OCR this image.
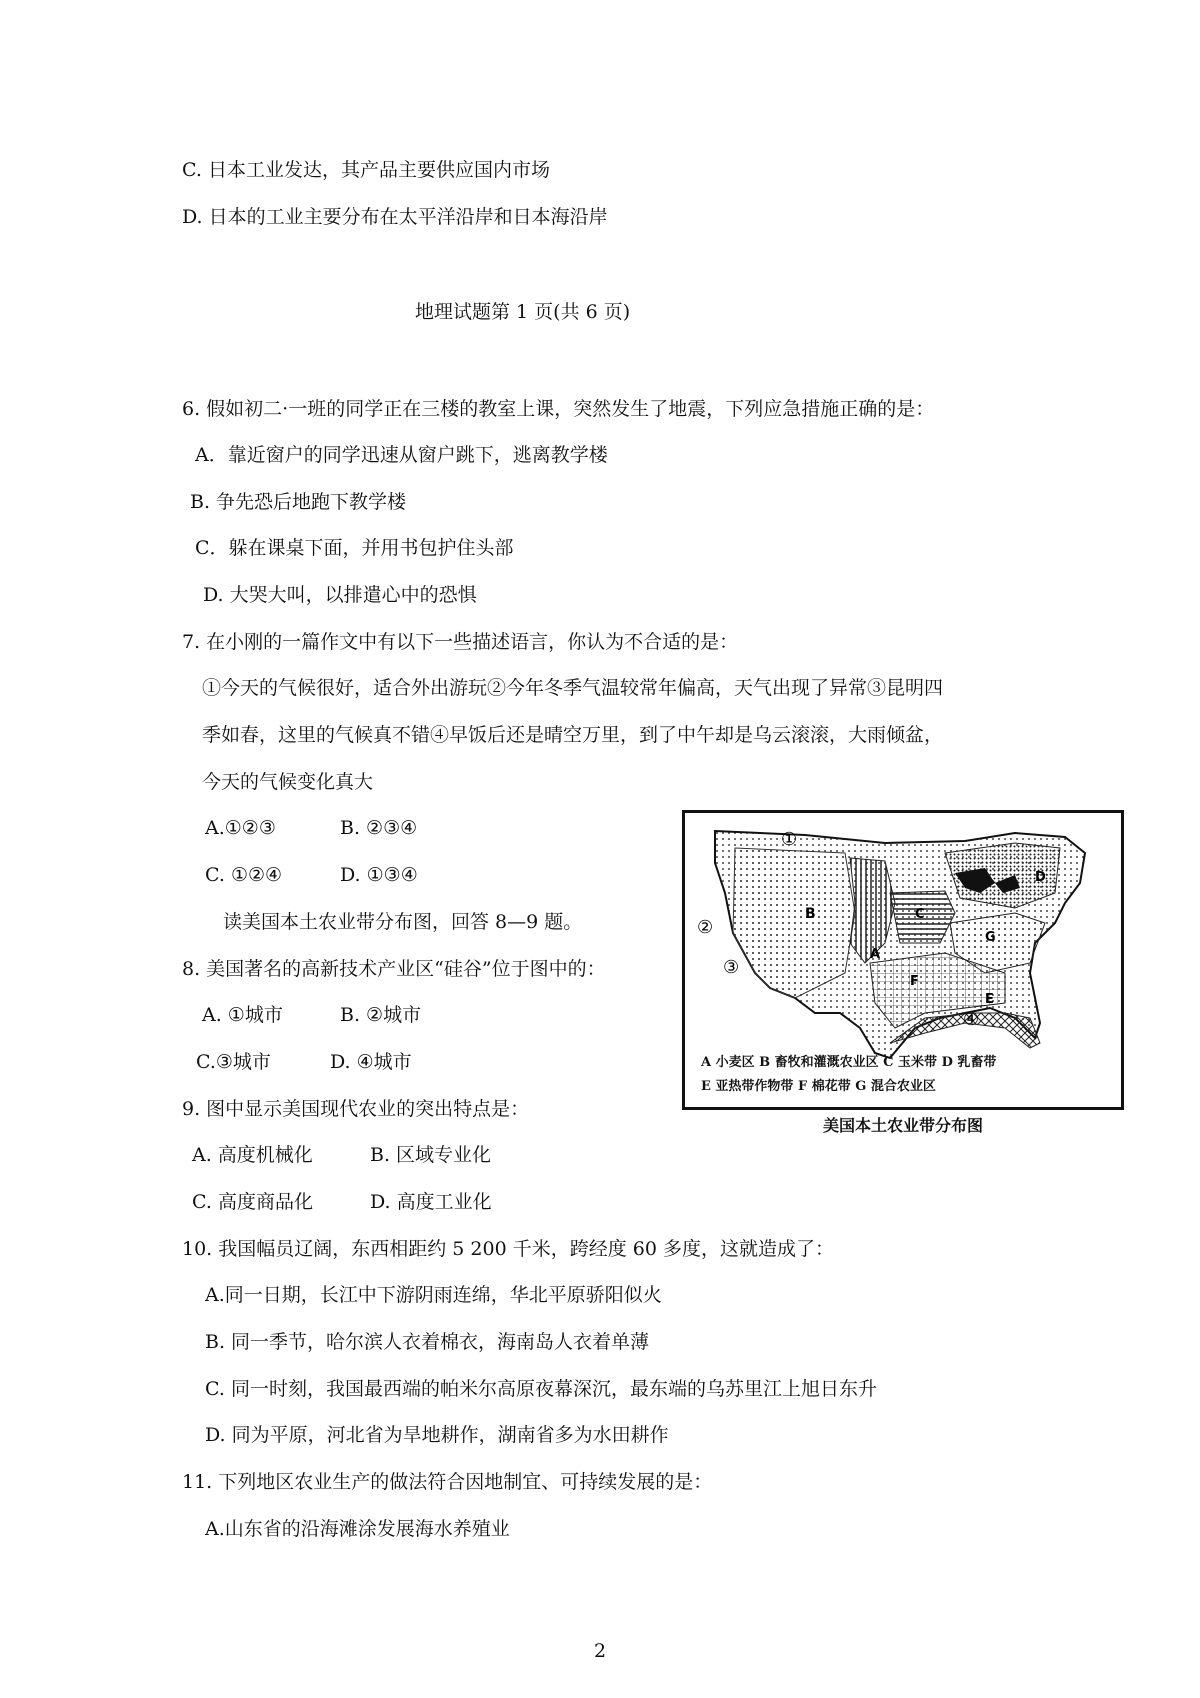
C. 日本工业发达，其产品主要供应国内市场
D. 日本的工业主要分布在太平洋沿岸和日本海沿岸
地理试题第 1 页(共 6 页)
6. 假如初二·一班的同学正在三楼的教室上课，突然发生了地震，下列应急措施正确的是：
A．靠近窗户的同学迅速从窗户跳下，逃离教学楼
B. 争先恐后地跑下教学楼
C．躲在课桌下面，并用书包护住头部
D. 大哭大叫，以排遣心中的恐惧
7. 在小刚的一篇作文中有以下一些描述语言，你认为不合适的是：
①今天的气候很好，适合外出游玩②今年冬季气温较常年偏高，天气出现了异常③昆明四
季如春，这里的气候真不错④早饭后还是晴空万里，到了中午却是乌云滚滚，大雨倾盆，
今天的气候变化真大
A.①②③	B. ②③④
C. ①②④	D. ①③④
读美国本土农业带分布图，回答 8—9 题。
8. 美国著名的高新技术产业区“硅谷”位于图中的：
A. ①城市	B. ②城市
C.③城市	D. ④城市
9. 图中显示美国现代农业的突出特点是：
A. 高度机械化	B. 区域专业化
C. 高度商品化	D. 高度工业化
10. 我国幅员辽阔，东西相距约 5 200 千米，跨经度 60 多度，这就造成了：
A.同一日期，长江中下游阴雨连绵，华北平原骄阳似火
B. 同一季节，哈尔滨人衣着棉衣，海南岛人衣着单薄
C. 同一时刻，我国最西端的帕米尔高原夜幕深沉，最东端的乌苏里江上旭日东升
D. 同为平原，河北省为旱地耕作，湖南省多为水田耕作
11. 下列地区农业生产的做法符合因地制宜、可持续发展的是：
A.山东省的沿海滩涂发展海水养殖业
B
A
C
D
G
F
E
①
②
③
④
A 小麦区 B 畜牧和灌溉农业区 C 玉米带 D 乳畜带
E 亚热带作物带 F 棉花带 G 混合农业区
美国本土农业带分布图
2
